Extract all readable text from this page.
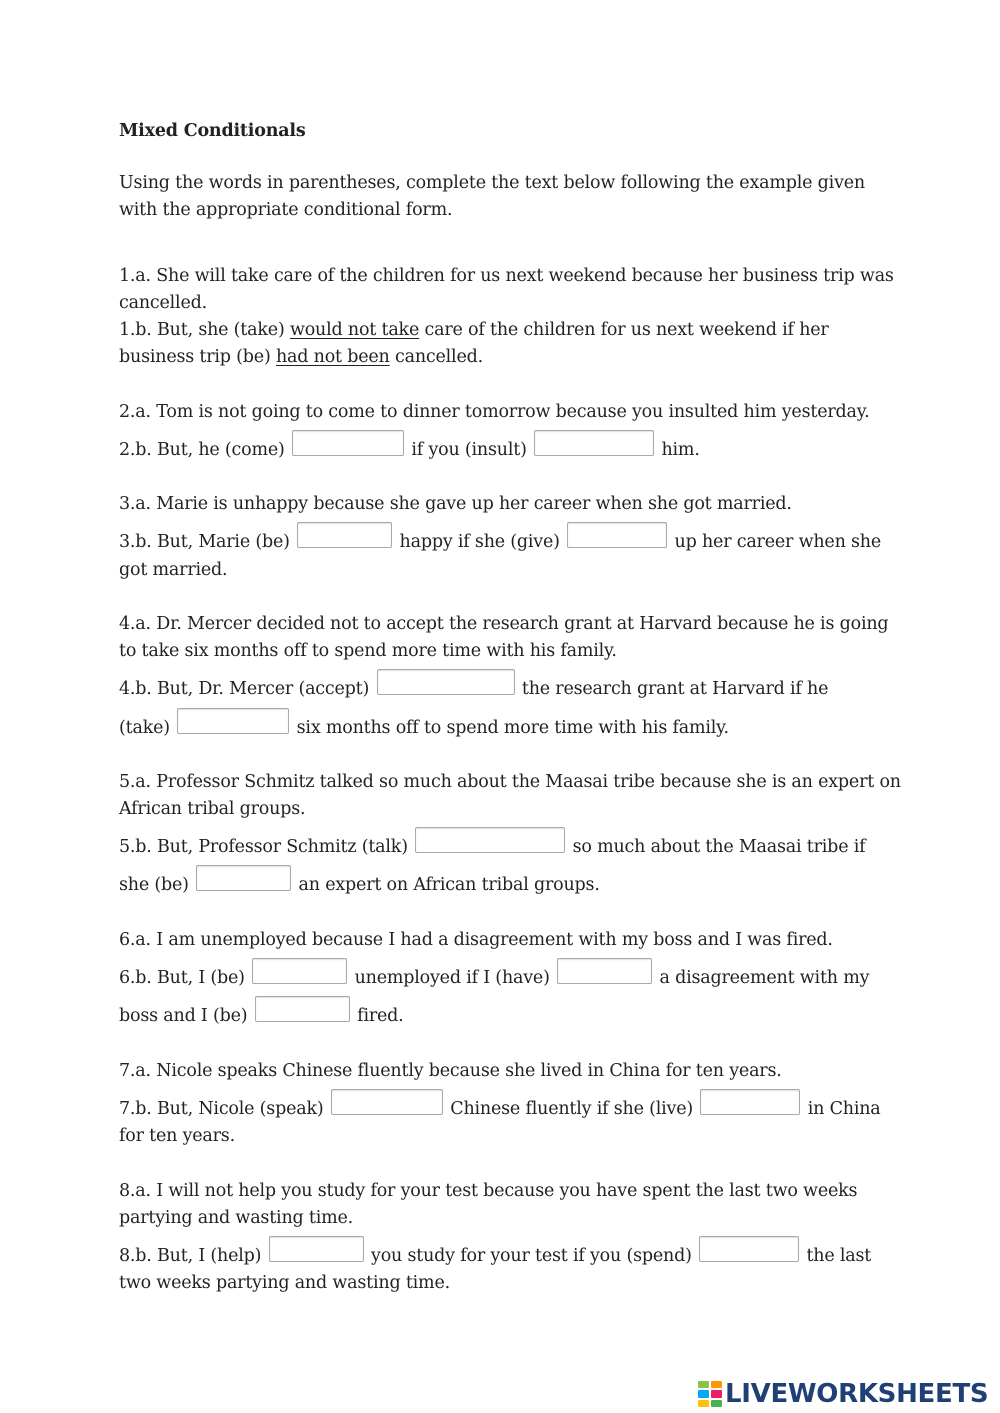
Mixed Conditionals
Using the words in parentheses, complete the text below following the example given
with the appropriate conditional form.
1.a. She will take care of the children for us next weekend because her business trip was
cancelled.
1.b. But, she (take) would not take care of the children for us next weekend if her
business trip (be) had not been cancelled.
2.a. Tom is not going to come to dinner tomorrow because you insulted him yesterday.
2.b. But, he (come)	if you (insult)	him.
3.a. Marie is unhappy because she gave up her career when she got married.
3.b. But, Marie (be)	happy if she (give)	up her career when she
got married.
4.a. Dr. Mercer decided not to accept the research grant at Harvard because he is going
to take six months off to spend more time with his family.
4.b. But, Dr. Mercer (accept)	the research grant at Harvard if he
(take)	six months off to spend more time with his family.
5.a. Professor Schmitz talked so much about the Maasai tribe because she is an expert on
African tribal groups.
5.b. But, Professor Schmitz (talk)	so much about the Maasai tribe if
she (be)	an expert on African tribal groups.
6.a. I am unemployed because I had a disagreement with my boss and I was fired.
6.b. But, I (be)	unemployed if I (have)	a disagreement with my
boss and I (be)	fired.
7.a. Nicole speaks Chinese fluently because she lived in China for ten years.
7.b. But, Nicole (speak)	Chinese fluently if she (live)	in China
for ten years.
8.a. I will not help you study for your test because you have spent the last two weeks
partying and wasting time.
8.b. But, I (help)	you study for your test if you (spend)	the last
two weeks partying and wasting time.
LIVEWORKSHEETS
